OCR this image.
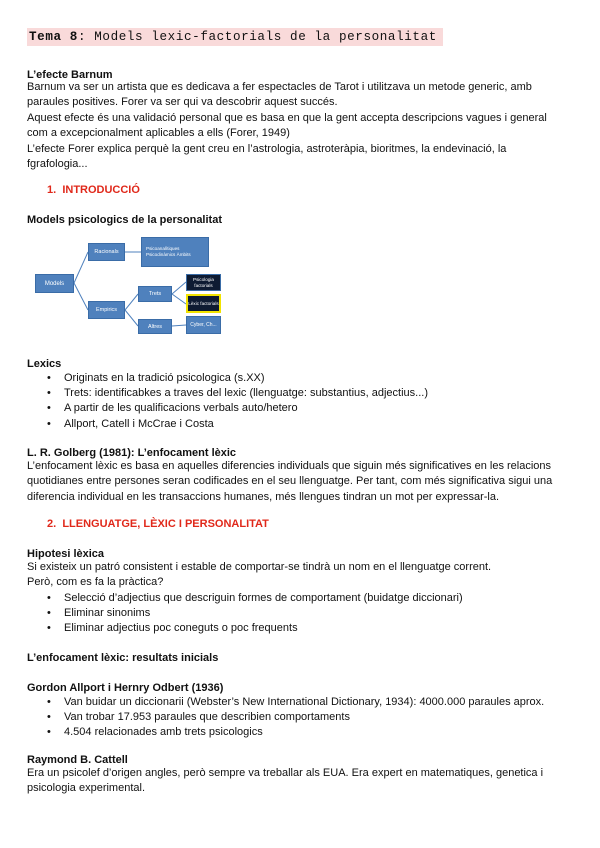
Tema 8: Models lexic-factorials de la personalitat
L’efecte Barnum
Barnum va ser un artista que es dedicava a fer espectacles de Tarot i utilitzava un metode generic, amb
paraules positives. Forer va ser qui va descobrir aquest succés.
Aquest efecte és una validació personal que es basa en que la gent accepta descripcions vagues i general
com a excepcionalment aplicables a ells (Forer, 1949)
L’efecte Forer explica perquè la gent creu en l’astrologia, astroteràpia, bioritmes, la endevinació, la
fgrafologia...
1. INTRODUCCIÓ
Models psicologics de la personalitat
Models
Racionals
Psicoanalítiques Psicodinàmics Àmbits
Empirics
Trets
Altres
Psicologia factorials
Lèxic factorials
Cyber, Ch...
Lexics
• Originats en la tradició psicologica (s.XX)
• Trets: identificabkes a traves del lexic (llenguatge: substantius, adjectius...)
• A partir de les qualificacions verbals auto/hetero
• Allport, Catell i McCrae i Costa
L. R. Golberg (1981): L’enfocament lèxic
L’enfocament lèxic es basa en aquelles diferencies individuals que siguin més significatives en les relacions
quotidianes entre persones seran codificades en el seu llenguatge. Per tant, com més significativa sigui una
diferencia individual en les transaccions humanes, més llengues tindran un mot per expressar-la.
2. LLENGUATGE, LÈXIC I PERSONALITAT
Hipotesi lèxica
Si existeix un patró consistent i estable de comportar-se tindrà un nom en el llenguatge corrent.
Però, com es fa la pràctica?
• Selecció d’adjectius que descriguin formes de comportament (buidatge diccionari)
• Eliminar sinonims
• Eliminar adjectius poc coneguts o poc frequents
L’enfocament lèxic: resultats inicials
Gordon Allport i Hernry Odbert (1936)
• Van buidar un diccionarii (Webster’s New International Dictionary, 1934): 4000.000 paraules aprox.
• Van trobar 17.953 paraules que describien comportaments
• 4.504 relacionades amb trets psicologics
Raymond B. Cattell
Era un psicolef d’origen angles, però sempre va treballar als EUA. Era expert en matematiques, genetica i
psicologia experimental.
